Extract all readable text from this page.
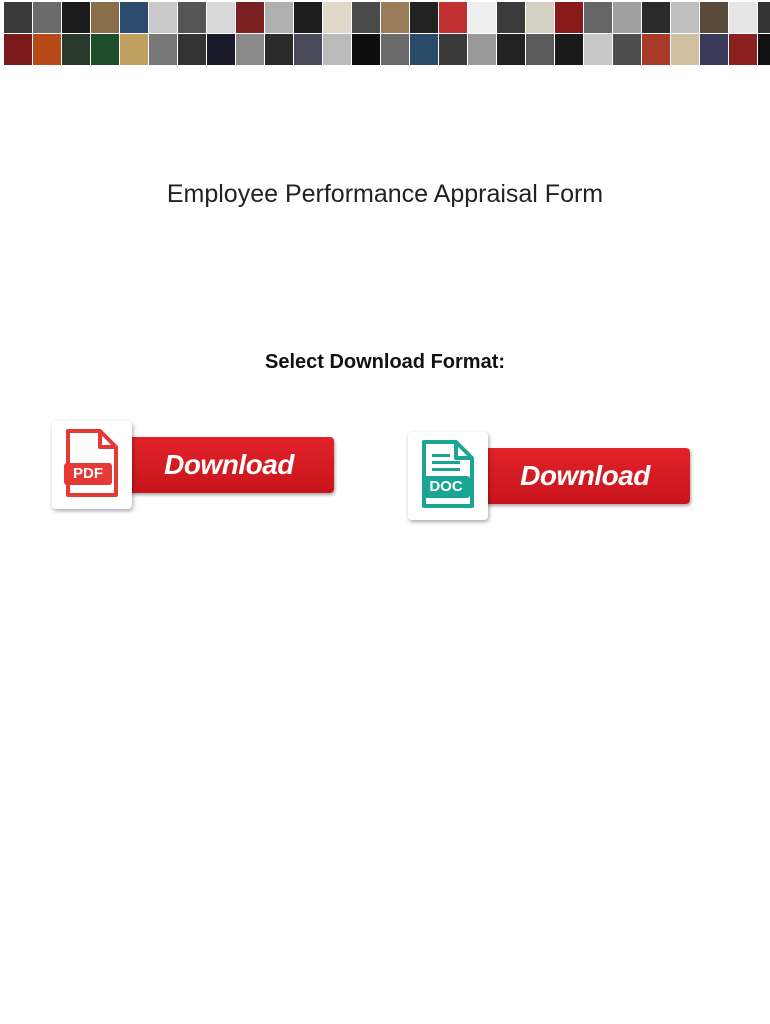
Employee Performance Appraisal Form
Select Download Format:
PDF	Download
DOC	Download
